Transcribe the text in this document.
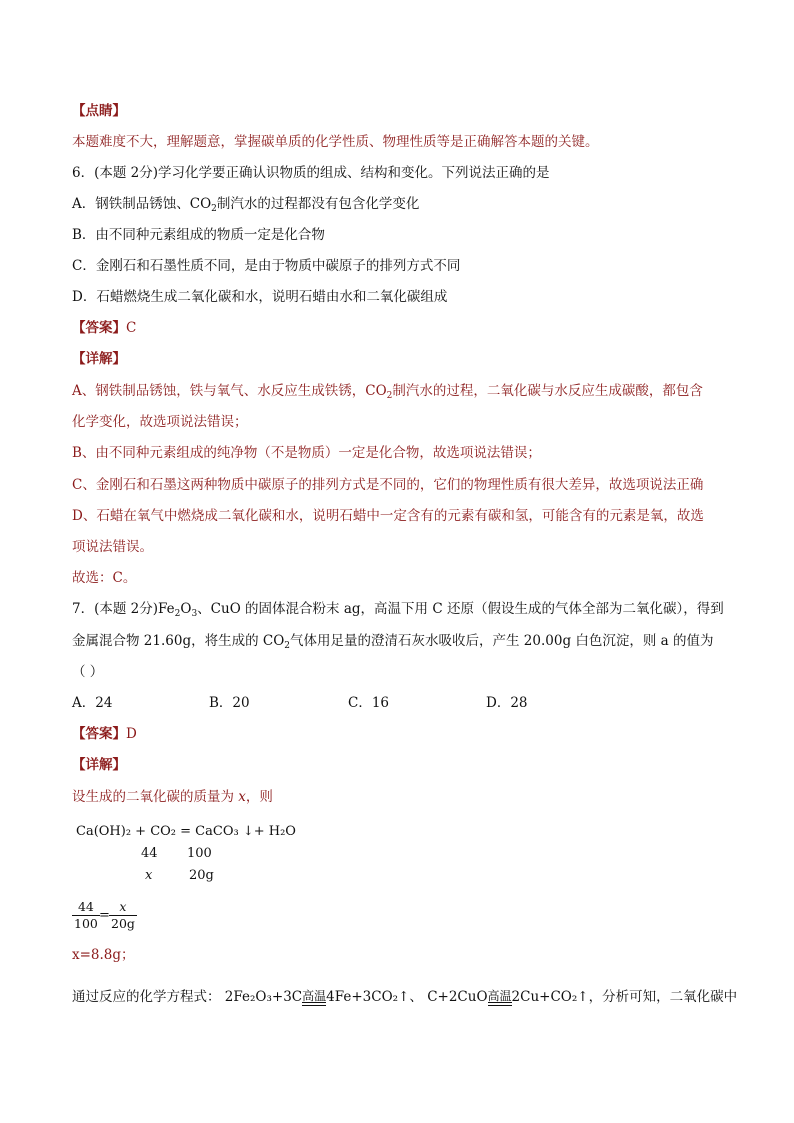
【点睛】
本题难度不大，理解题意，掌握碳单质的化学性质、物理性质等是正确解答本题的关键。
6．(本题 2分)学习化学要正确认识物质的组成、结构和变化。下列说法正确的是
A．钢铁制品锈蚀、$CO_2$制汽水的过程都没有包含化学变化
B．由不同种元素组成的物质一定是化合物
C．金刚石和石墨性质不同，是由于物质中碳原子的排列方式不同
D．石蜡燃烧生成二氧化碳和水，说明石蜡由水和二氧化碳组成
【答案】C
【详解】
A、钢铁制品锈蚀，铁与氧气、水反应生成铁锈，$CO_2$制汽水的过程，二氧化碳与水反应生成碳酸，都包含
化学变化，故选项说法错误；
B、由不同种元素组成的纯净物（不是物质）一定是化合物，故选项说法错误；
C、金刚石和石墨这两种物质中碳原子的排列方式是不同的，它们的物理性质有很大差异，故选项说法正确
D、石蜡在氧气中燃烧成二氧化碳和水，说明石蜡中一定含有的元素有碳和氢，可能含有的元素是氧，故选
项说法错误。
故选：C。
7．(本题 2分)$Fe_2O_3$、CuO 的固体混合粉末 ag，高温下用 C 还原（假设生成的气体全部为二氧化碳），得到
金属混合物 21.60g，将生成的 $CO_2$气体用足量的澄清石灰水吸收后，产生 20.00g 白色沉淀，则 a 的值为
（ ）
A．24	B．20	C．16	D．28
【答案】D
【详解】
设生成的二氧化碳的质量为 x，则
Ca(OH)₂ + CO₂ = CaCO₃ ↓+ H₂O
44 100
x	20g
$\frac{44}{100} = \frac{x}{20g}$
x=8.8g；
通过反应的化学方程式： 2Fe₂O₃+3C 高温 4Fe+3CO₂↑、 C+2CuO 高温 2Cu+CO₂↑，分析可知，二氧化碳中
